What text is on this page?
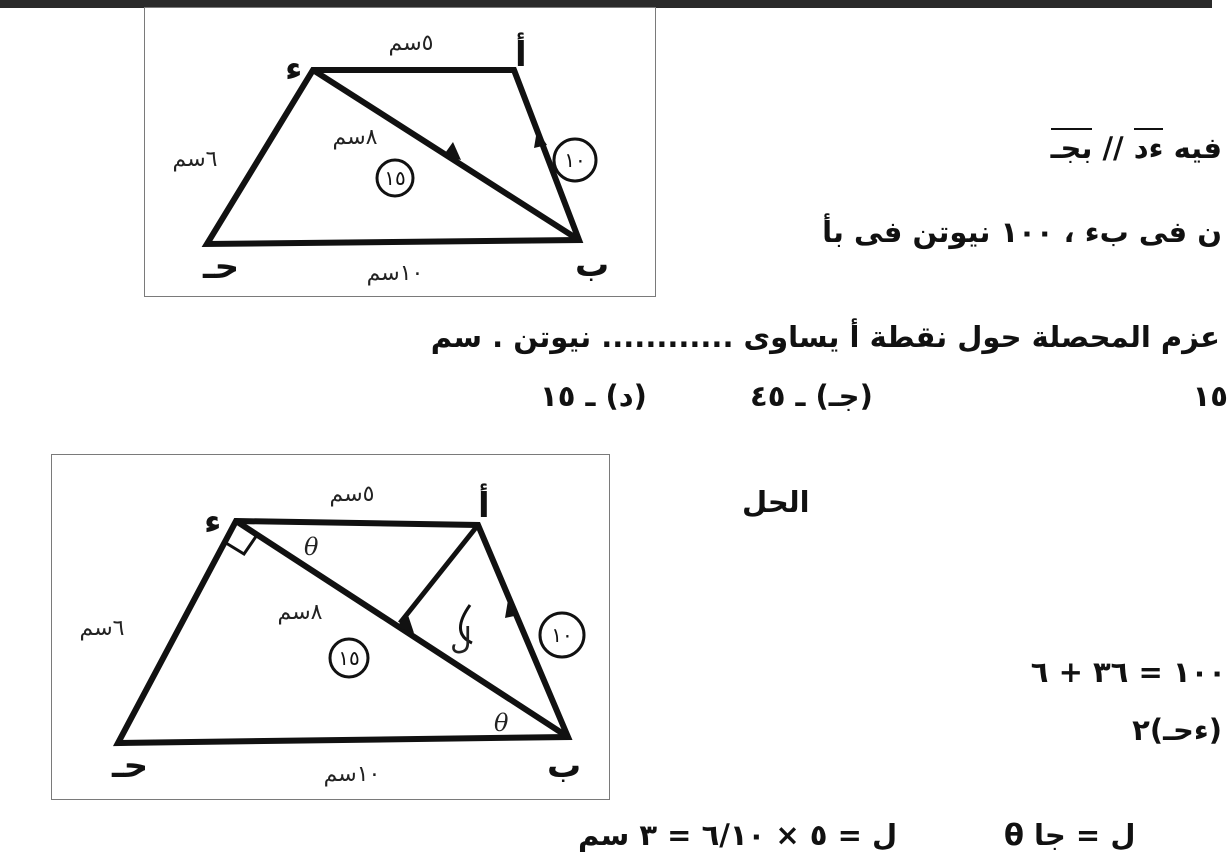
١٥
١٠
ء	أ
ب
حـ
٥سم
٦سم
٨سم
١٠سم
١٥
١٠
ء	أ
ب
حـ
٥سم
٦سم
٨سم
١٠سم
θ
θ
ل
فيه ءد // بجـ
ن فى بء ، ١٠٠ نيوتن فى بأ
عزم المحصلة حول نقطة أ يساوى ............ نيوتن . سم
١٥
(جـ) ـ ٤٥
(د) ـ ١٥
الحل
١٠٠ = ٣٦ + ٦
(ءحـ)٢
ل = ٥ × ٦/١٠ = ٣ سم	ل = جا θ
